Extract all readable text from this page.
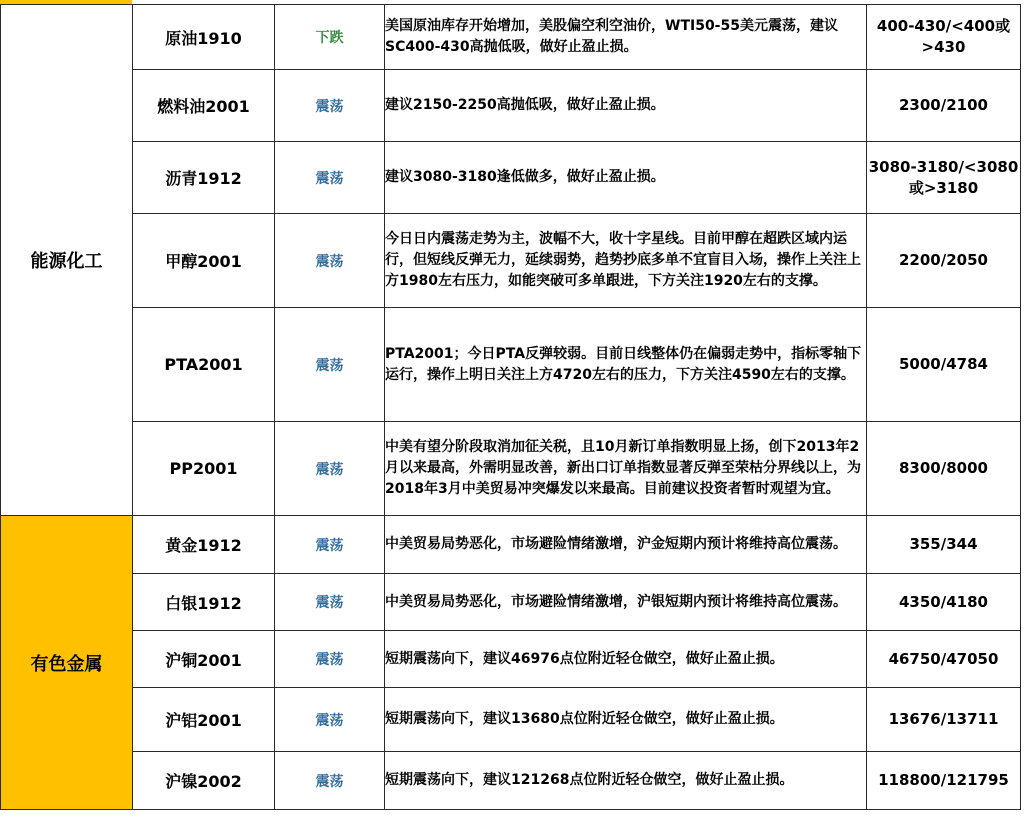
能源化工	原油1910	下跌	美国原油库存开始增加，美股偏空利空油价，WTI50-55美元震荡，建议SC400-430高抛低吸，做好止盈止损。	400-430/<400或>430
	燃料油2001	震荡	建议2150-2250高抛低吸，做好止盈止损。	2300/2100
	沥青1912	震荡	建议3080-3180逢低做多，做好止盈止损。	3080-3180/<3080或>3180
	甲醇2001	震荡	今日日内震荡走势为主，波幅不大，收十字星线。目前甲醇在超跌区域内运行，但短线反弹无力，延续弱势，趋势抄底多单不宜盲目入场，操作上关注上方1980左右压力，如能突破可多单跟进，下方关注1920左右的支撑。	2200/2050
	PTA2001	震荡	PTA2001；今日PTA反弹较弱。目前日线整体仍在偏弱走势中，指标零轴下运行，操作上明日关注上方4720左右的压力，下方关注4590左右的支撑。	5000/4784
	PP2001	震荡	中美有望分阶段取消加征关税，且10月新订单指数明显上扬，创下2013年2月以来最高，外需明显改善，新出口订单指数显著反弹至荣枯分界线以上，为2018年3月中美贸易冲突爆发以来最高。目前建议投资者暂时观望为宜。	8300/8000
有色金属	黄金1912	震荡	中美贸易局势恶化，市场避险情绪激增，沪金短期内预计将维持高位震荡。	355/344
	白银1912	震荡	中美贸易局势恶化，市场避险情绪激增，沪银短期内预计将维持高位震荡。	4350/4180
	沪铜2001	震荡	短期震荡向下，建议46976点位附近轻仓做空，做好止盈止损。	46750/47050
	沪铝2001	震荡	短期震荡向下，建议13680点位附近轻仓做空，做好止盈止损。	13676/13711
	沪镍2002	震荡	短期震荡向下，建议121268点位附近轻仓做空，做好止盈止损。	118800/121795
